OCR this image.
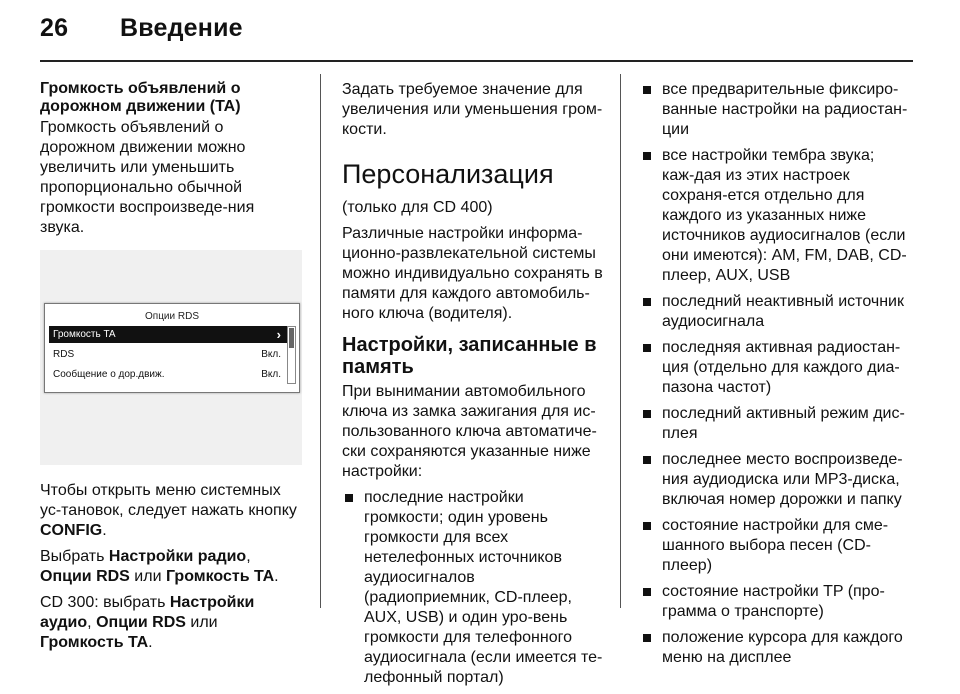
26 Введение
Громкость объявлений о дорожном движении (TA)

Громкость объявлений о дорожном движении можно увеличить или уменьшить пропорционально обычной громкости воспроизведе-ния звука.

Опции RDS
Громкость TA	›
RDS	Вкл.
Сообщение о дор.движ.	Вкл.

Чтобы открыть меню системных ус-тановок, следует нажать кнопку CONFIG.

Выбрать Настройки радио, Опции RDS или Громкость TA.

CD 300: выбрать Настройки аудио, Опции RDS или Громкость TA.

Задать требуемое значение для увеличения или уменьшения гром-кости.

Персонализация

(только для CD 400)

Различные настройки информа-ционно-развлекательной системы можно индивидуально сохранять в памяти для каждого автомобиль-ного ключа (водителя).

Настройки, записанные в память

При вынимании автомобильного ключа из замка зажигания для ис-пользованного ключа автоматиче-ски сохраняются указанные ниже настройки:

последние настройки громкости; один уровень громкости для всех нетелефонных источников аудиосигналов (радиоприемник, CD-плеер, AUX, USB) и один уро-вень громкости для телефонного аудиосигнала (если имеется те-лефонный портал)
все предварительные фиксиро-ванные настройки на радиостан-ции
все настройки тембра звука; каж-дая из этих настроек сохраня-ется отдельно для каждого из указанных ниже источников аудиосигналов (если они имеются): AM, FM, DAB, CD-плеер, AUX, USB
последний неактивный источник аудиосигнала
последняя активная радиостан-ция (отдельно для каждого диа-пазона частот)
последний активный режим дис-плея
последнее место воспроизведе-ния аудиодиска или MP3-диска, включая номер дорожки и папку
состояние настройки для сме-шанного выбора песен (CD-плеер)
состояние настройки TP (про-грамма о транспорте)
положение курсора для каждого меню на дисплее
